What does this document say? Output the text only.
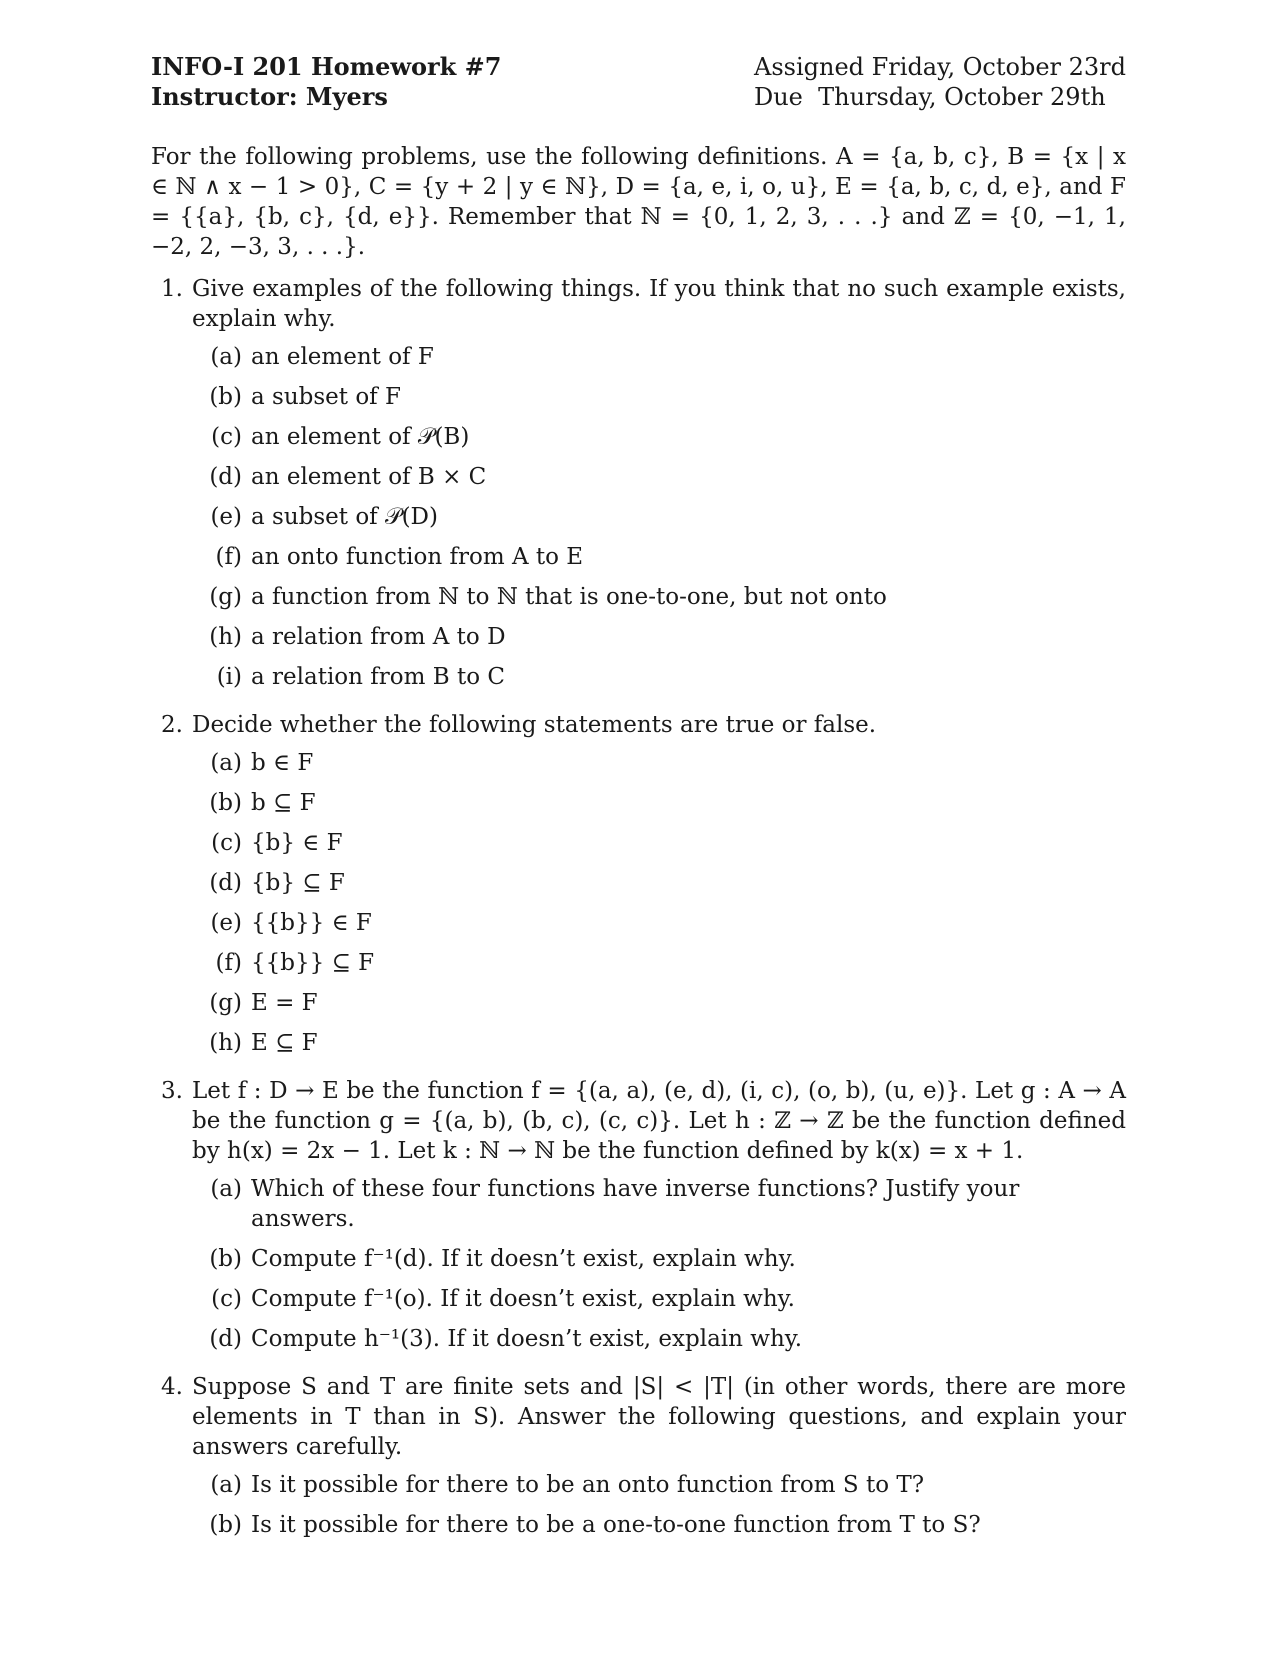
INFO-I 201 Homework #7
Instructor: Myers
Assigned Friday, October 23rd
Due  Thursday, October 29th
For the following problems, use the following definitions. A = {a, b, c}, B = {x | x ∈ ℕ ∧ x − 1 > 0}, C = {y + 2 | y ∈ ℕ}, D = {a, e, i, o, u}, E = {a, b, c, d, e}, and F = {{a}, {b, c}, {d, e}}. Remember that ℕ = {0, 1, 2, 3, . . .} and ℤ = {0, −1, 1, −2, 2, −3, 3, . . .}.
1. Give examples of the following things. If you think that no such example exists, explain why.
(a) an element of F
(b) a subset of F
(c) an element of 𝒫(B)
(d) an element of B × C
(e) a subset of 𝒫(D)
(f) an onto function from A to E
(g) a function from ℕ to ℕ that is one-to-one, but not onto
(h) a relation from A to D
(i) a relation from B to C
2. Decide whether the following statements are true or false.
(a) b ∈ F
(b) b ⊆ F
(c) {b} ∈ F
(d) {b} ⊆ F
(e) {{b}} ∈ F
(f) {{b}} ⊆ F
(g) E = F
(h) E ⊆ F
3. Let f : D → E be the function f = {(a, a), (e, d), (i, c), (o, b), (u, e)}. Let g : A → A be the function g = {(a, b), (b, c), (c, c)}. Let h : ℤ → ℤ be the function defined by h(x) = 2x − 1. Let k : ℕ → ℕ be the function defined by k(x) = x + 1.
(a) Which of these four functions have inverse functions? Justify your answers.
(b) Compute f⁻¹(d). If it doesn’t exist, explain why.
(c) Compute f⁻¹(o). If it doesn’t exist, explain why.
(d) Compute h⁻¹(3). If it doesn’t exist, explain why.
4. Suppose S and T are finite sets and |S| < |T| (in other words, there are more elements in T than in S). Answer the following questions, and explain your answers carefully.
(a) Is it possible for there to be an onto function from S to T?
(b) Is it possible for there to be a one-to-one function from T to S?
